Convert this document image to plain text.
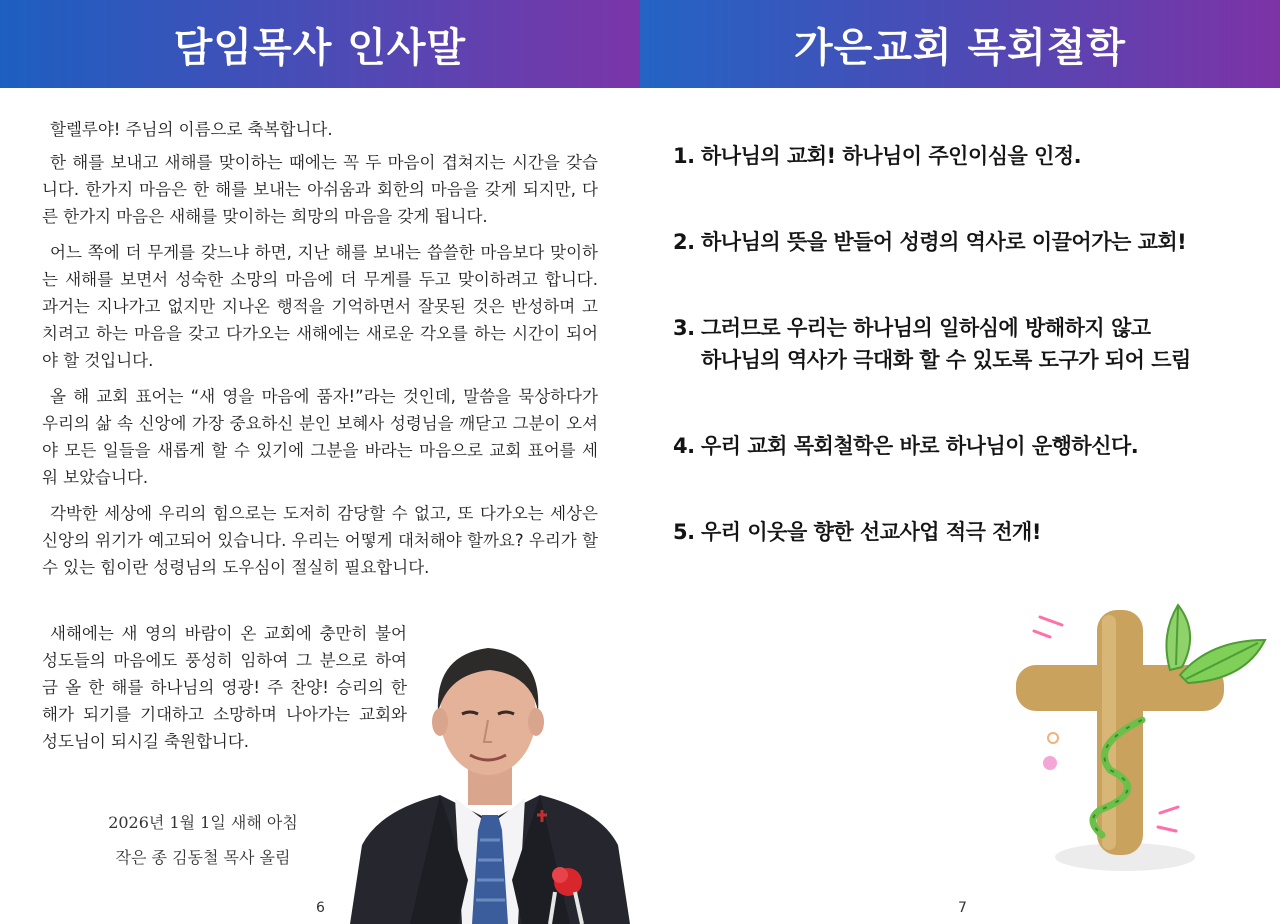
담임목사 인사말

할렐루야! 주님의 이름으로 축복합니다.

한 해를 보내고 새해를 맞이하는 때에는 꼭 두 마음이 겹쳐지는 시간을 갖습니다. 한가지 마음은 한 해를 보내는 아쉬움과 회한의 마음을 갖게 되지만, 다른 한가지 마음은 새해를 맞이하는 희망의 마음을 갖게 됩니다.

어느 쪽에 더 무게를 갖느냐 하면, 지난 해를 보내는 씁쓸한 마음보다 맞이하는 새해를 보면서 성숙한 소망의 마음에 더 무게를 두고 맞이하려고 합니다. 과거는 지나가고 없지만 지나온 행적을 기억하면서 잘못된 것은 반성하며 고치려고 하는 마음을 갖고 다가오는 새해에는 새로운 각오를 하는 시간이 되어야 할 것입니다.

올 해 교회 표어는 “새 영을 마음에 품자!”라는 것인데, 말씀을 묵상하다가 우리의 삶 속 신앙에 가장 중요하신 분인 보혜사 성령님을 깨닫고 그분이 오셔야 모든 일들을 새롭게 할 수 있기에 그분을 바라는 마음으로 교회 표어를 세워 보았습니다.

각박한 세상에 우리의 힘으로는 도저히 감당할 수 없고, 또 다가오는 세상은 신앙의 위기가 예고되어 있습니다. 우리는 어떻게 대처해야 할까요? 우리가 할 수 있는 힘이란 성령님의 도우심이 절실히 필요합니다.

새해에는 새 영의 바람이 온 교회에 충만히 불어 성도들의 마음에도 풍성히 임하여 그 분으로 하여금 올 한 해를 하나님의 영광! 주 찬양! 승리의 한 해가 되기를 기대하고 소망하며 나아가는 교회와 성도님이 되시길 축원합니다.

2026년 1월 1일 새해 아침
작은 종 김동철 목사 올림
6
가은교회 목회철학
1. 하나님의 교회! 하나님이 주인이심을 인정.
2. 하나님의 뜻을 받들어 성령의 역사로 이끌어가는 교회!
3. 그러므로 우리는 하나님의 일하심에 방해하지 않고
하나님의 역사가 극대화 할 수 있도록 도구가 되어 드림
4. 우리 교회 목회철학은 바로 하나님이 운행하신다.
5. 우리 이웃을 향한 선교사업 적극 전개!
7
